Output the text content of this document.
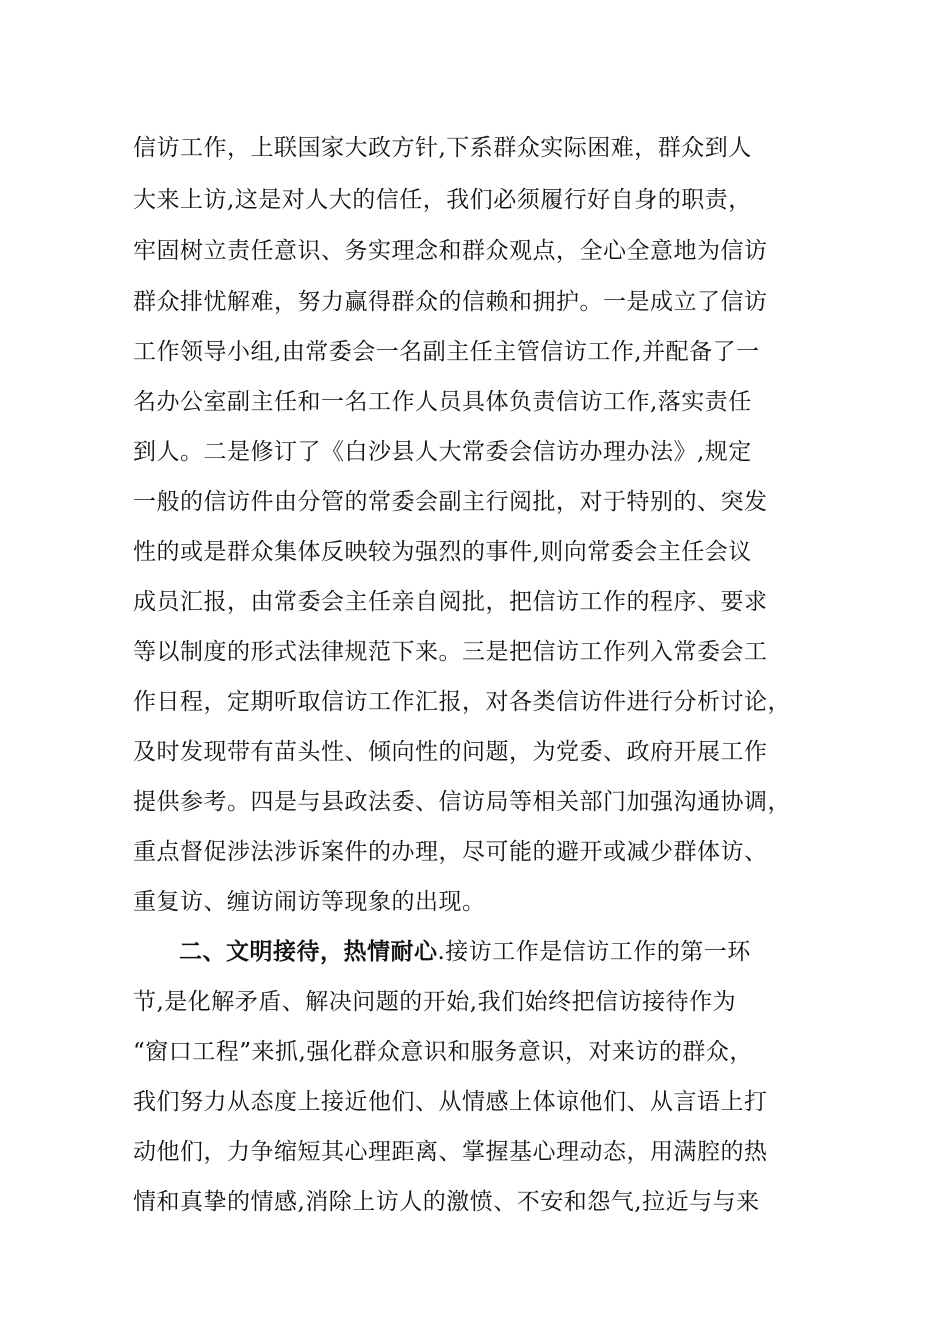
信访工作，上联国家大政方针,下系群众实际困难，群众到人
大来上访,这是对人大的信任，我们必须履行好自身的职责，
牢固树立责任意识、务实理念和群众观点，全心全意地为信访
群众排忧解难，努力赢得群众的信赖和拥护。一是成立了信访
工作领导小组,由常委会一名副主任主管信访工作,并配备了一
名办公室副主任和一名工作人员具体负责信访工作,落实责任
到人。二是修订了《白沙县人大常委会信访办理办法》,规定
一般的信访件由分管的常委会副主行阅批，对于特别的、突发
性的或是群众集体反映较为强烈的事件,则向常委会主任会议
成员汇报，由常委会主任亲自阅批，把信访工作的程序、要求
等以制度的形式法律规范下来。三是把信访工作列入常委会工
作日程，定期听取信访工作汇报，对各类信访件进行分析讨论，
及时发现带有苗头性、倾向性的问题，为党委、政府开展工作
提供参考。四是与县政法委、信访局等相关部门加强沟通协调，
重点督促涉法涉诉案件的办理，尽可能的避开或减少群体访、
重复访、缠访闹访等现象的出现。
二、文明接待，热情耐心.接访工作是信访工作的第一环
节,是化解矛盾、解决问题的开始,我们始终把信访接待作为
“窗口工程”来抓,强化群众意识和服务意识，对来访的群众，
我们努力从态度上接近他们、从情感上体谅他们、从言语上打
动他们，力争缩短其心理距离、掌握基心理动态，用满腔的热
情和真挚的情感,消除上访人的激愤、不安和怨气,拉近与与来
